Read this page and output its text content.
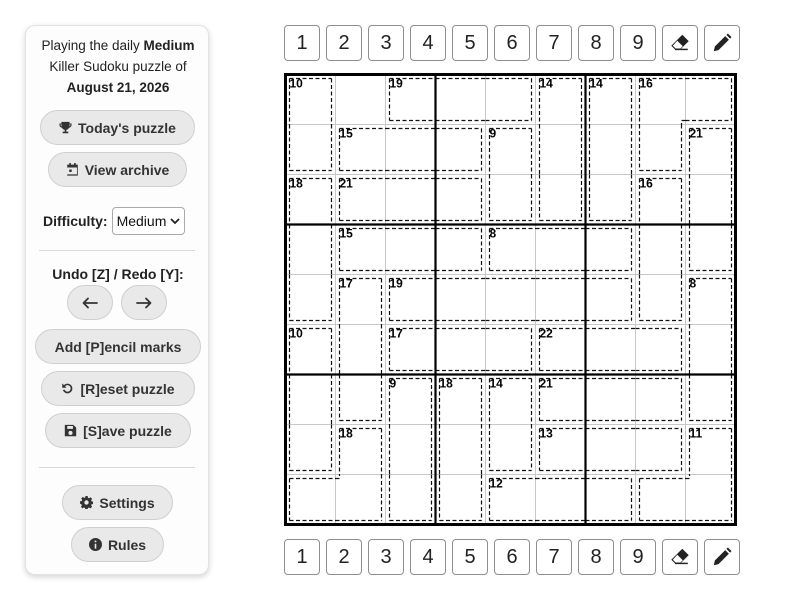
Playing the daily Medium
Killer Sudoku puzzle of
August 21, 2026
Today's puzzle
View archive
Difficulty: Medium
Undo [Z] / Redo [Y]:
Add [P]encil marks
[R]eset puzzle
[S]ave puzzle
Settings
Rules
1	2	3	4	5	6	7	8	9
10	19	14	14	16
15	9	21
18	21	16
15	8
17	19	8
10	17	22
9	18	14	21
18	13	11
12
1	2	3	4	5	6	7	8	9
